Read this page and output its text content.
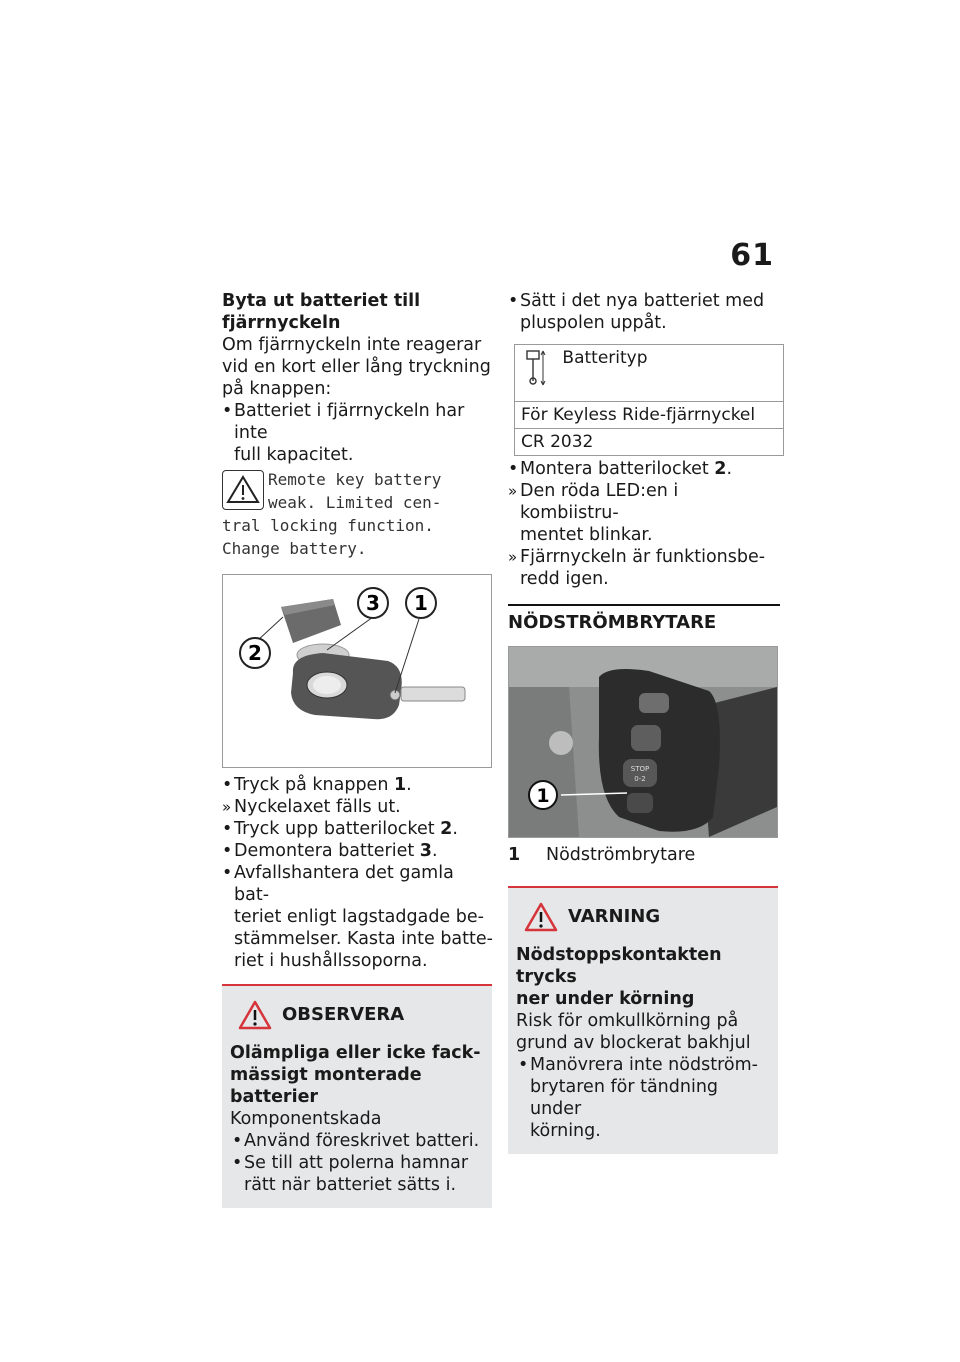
61

Byta ut batteriet till

fjärrnyckeln

Om fjärrnyckeln inte reagerar

vid en kort eller lång tryckning

på knappen:

• Batteriet i fjärrnyckeln har inte

full kapacitet.

Remote key battery

weak. Limited cen-

tral locking function.

Change battery.

3 1
2

• Tryck på knappen 1.

» Nyckelaxet fälls ut.

• Tryck upp batterilocket 2.

• Demontera batteriet 3.

• Avfallshantera det gamla bat-

teriet enligt lagstadgade be-

stämmelser. Kasta inte batte-

riet i hushållssoporna.

OBSERVERA

Olämpliga eller icke fack-

mässigt monterade batterier

Komponentskada

• Använd föreskrivet batteri.

• Se till att polerna hamnar

rätt när batteriet sätts i.

• Sätt i det nya batteriet med

pluspolen uppåt.

Batterityp
För Keyless Ride-fjärrnyckel
CR 2032

• Montera batterilocket 2.

» Den röda LED:en i kombiistru-

mentet blinkar.

» Fjärrnyckeln är funktionsbe-

redd igen.

NÖDSTRÖMBRYTARE
STOP
0-2
1
1	Nödströmbrytare
VARNING

Nödstoppskontakten trycks

ner under körning

Risk för omkullkörning på

grund av blockerat bakhjul

• Manövrera inte nödström-

brytaren för tändning under

körning.
